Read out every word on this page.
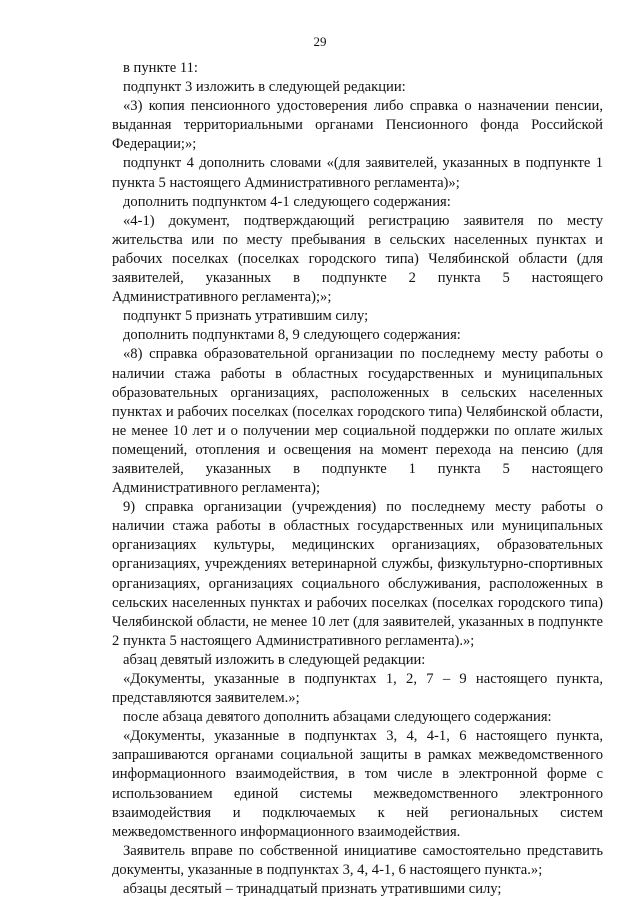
29

в пункте 11:

подпункт 3 изложить в следующей редакции:

«3) копия пенсионного удостоверения либо справка о назначении пенсии, выданная территориальными органами Пенсионного фонда Российской Федерации;»;

подпункт 4 дополнить словами «(для заявителей, указанных в подпункте 1 пункта 5 настоящего Административного регламента)»;

дополнить подпунктом 4-1 следующего содержания:

«4-1) документ, подтверждающий регистрацию заявителя по месту жительства или по месту пребывания в сельских населенных пунктах и рабочих поселках (поселках городского типа) Челябинской области (для заявителей, указанных в подпункте 2 пункта 5 настоящего Административного регламента);»;

подпункт 5 признать утратившим силу;

дополнить подпунктами 8, 9 следующего содержания:

«8) справка образовательной организации по последнему месту работы о наличии стажа работы в областных государственных и муниципальных образовательных организациях, расположенных в сельских населенных пунктах и рабочих поселках (поселках городского типа) Челябинской области, не менее 10 лет и о получении мер социальной поддержки по оплате жилых помещений, отопления и освещения на момент перехода на пенсию (для заявителей, указанных в подпункте 1 пункта 5 настоящего Административного регламента);

9) справка организации (учреждения) по последнему месту работы о наличии стажа работы в областных государственных или муниципальных организациях культуры, медицинских организациях, образовательных организациях, учреждениях ветеринарной службы, физкультурно-спортивных организациях, организациях социального обслуживания, расположенных в сельских населенных пунктах и рабочих поселках (поселках городского типа) Челябинской области, не менее 10 лет (для заявителей, указанных в подпункте 2 пункта 5 настоящего Административного регламента).»;

абзац девятый изложить в следующей редакции:

«Документы, указанные в подпунктах 1, 2, 7 – 9 настоящего пункта, представляются заявителем.»;

после абзаца девятого дополнить абзацами следующего содержания:

«Документы, указанные в подпунктах 3, 4, 4-1, 6 настоящего пункта, запрашиваются органами социальной защиты в рамках межведомственного информационного взаимодействия, в том числе в электронной форме с использованием единой системы межведомственного электронного взаимодействия и подключаемых к ней региональных систем межведомственного информационного взаимодействия.

Заявитель вправе по собственной инициативе самостоятельно представить документы, указанные в подпунктах 3, 4, 4-1, 6 настоящего пункта.»;

абзацы десятый – тринадцатый признать утратившими силу;
